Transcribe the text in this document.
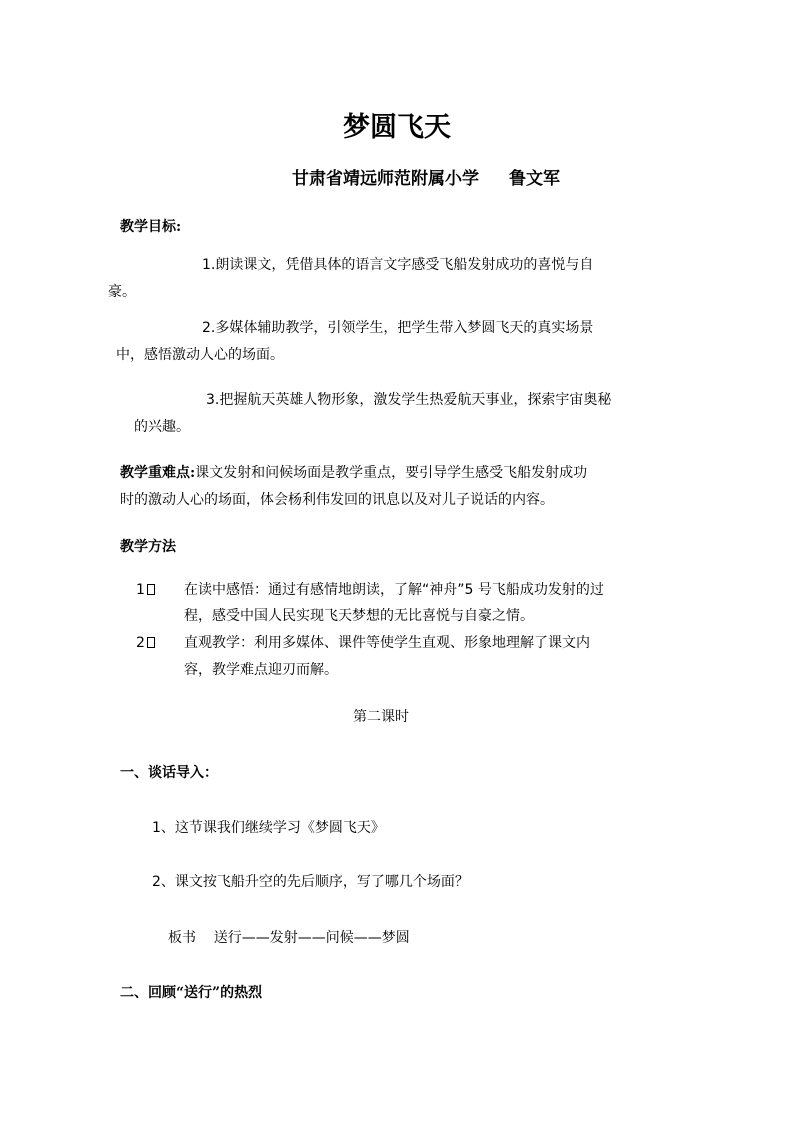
梦圆飞天
甘肃省靖远师范附属小学 鲁文军
教学目标:
1.朗读课文，凭借具体的语言文字感受飞船发射成功的喜悦与自
豪。
2.多媒体辅助教学，引领学生，把学生带入梦圆飞天的真实场景
中，感悟激动人心的场面。
3.把握航天英雄人物形象，激发学生热爱航天事业，探索宇宙奥秘
的兴趣。
教学重难点:课文发射和问候场面是教学重点，要引导学生感受飞船发射成功
时的激动人心的场面，体会杨利伟发回的讯息以及对儿子说话的内容。
教学方法
1	在读中感悟：通过有感情地朗读，了解“神舟”5 号飞船成功发射的过
程，感受中国人民实现飞天梦想的无比喜悦与自豪之情。
2	直观教学：利用多媒体、课件等使学生直观、形象地理解了课文内
容，教学难点迎刃而解。
第二课时
一、谈话导入：
1、这节课我们继续学习《梦圆飞天》
2、课文按飞船升空的先后顺序，写了哪几个场面？
板书    送行——发射——问候——梦圆
二、回顾“送行”的热烈
